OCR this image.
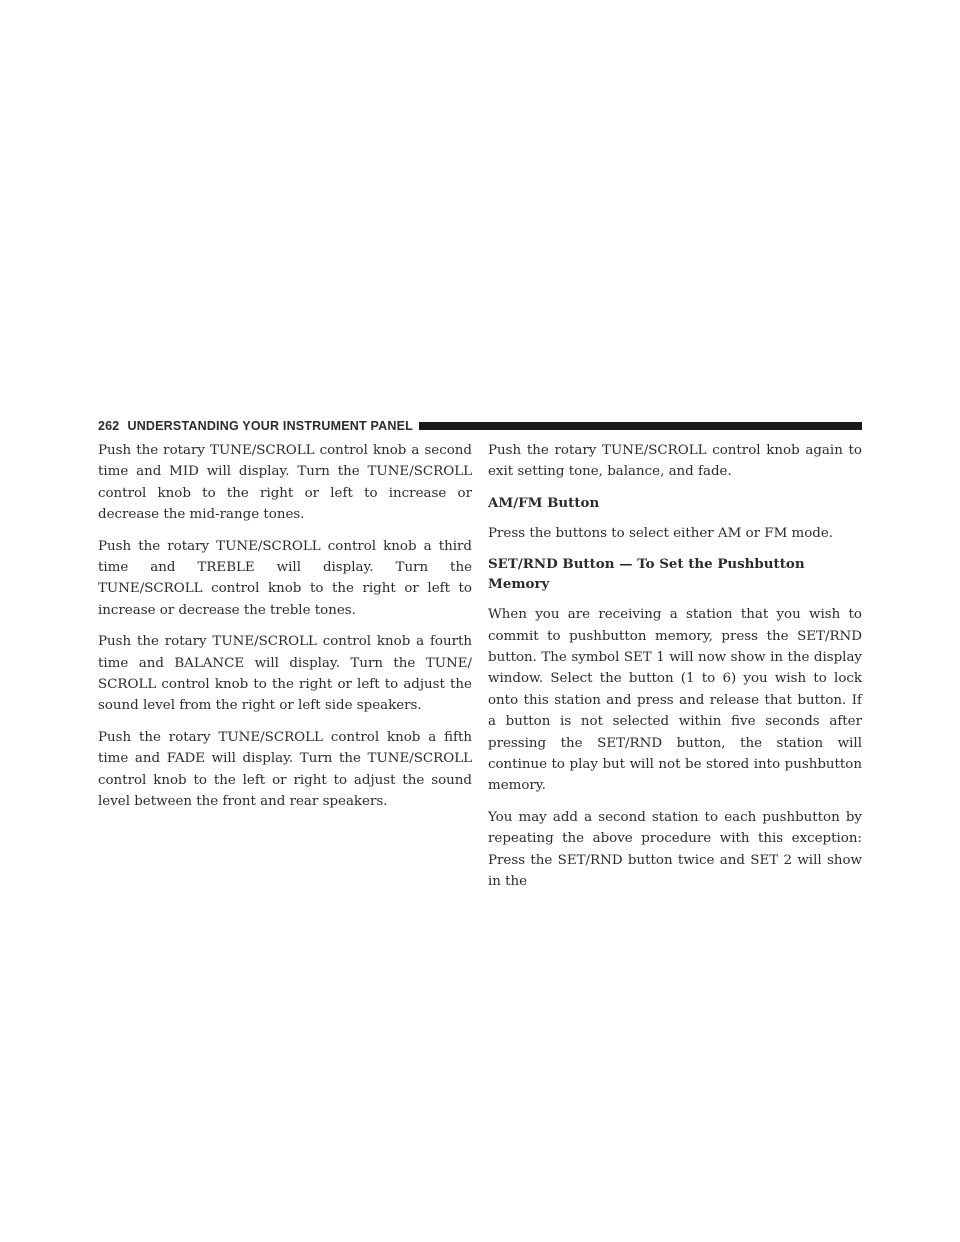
262 UNDERSTANDING YOUR INSTRUMENT PANEL

Push the rotary TUNE/SCROLL control knob a second time and MID will display. Turn the TUNE/SCROLL control knob to the right or left to increase or decrease the mid-range tones.

Push the rotary TUNE/SCROLL control knob a third time and TREBLE will display. Turn the TUNE/SCROLL control knob to the right or left to increase or decrease the treble tones.

Push the rotary TUNE/SCROLL control knob a fourth time and BALANCE will display. Turn the TUNE/ SCROLL control knob to the right or left to adjust the sound level from the right or left side speakers.

Push the rotary TUNE/SCROLL control knob a fifth time and FADE will display. Turn the TUNE/SCROLL control knob to the left or right to adjust the sound level between the front and rear speakers.

Push the rotary TUNE/SCROLL control knob again to exit setting tone, balance, and fade.

AM/FM Button

Press the buttons to select either AM or FM mode.

SET/RND Button — To Set the Pushbutton Memory

When you are receiving a station that you wish to commit to pushbutton memory, press the SET/RND button. The symbol SET 1 will now show in the display window. Select the button (1 to 6) you wish to lock onto this station and press and release that button. If a button is not selected within five seconds after pressing the SET/RND button, the station will continue to play but will not be stored into pushbutton memory.

You may add a second station to each pushbutton by repeating the above procedure with this exception: Press the SET/RND button twice and SET 2 will show in the
